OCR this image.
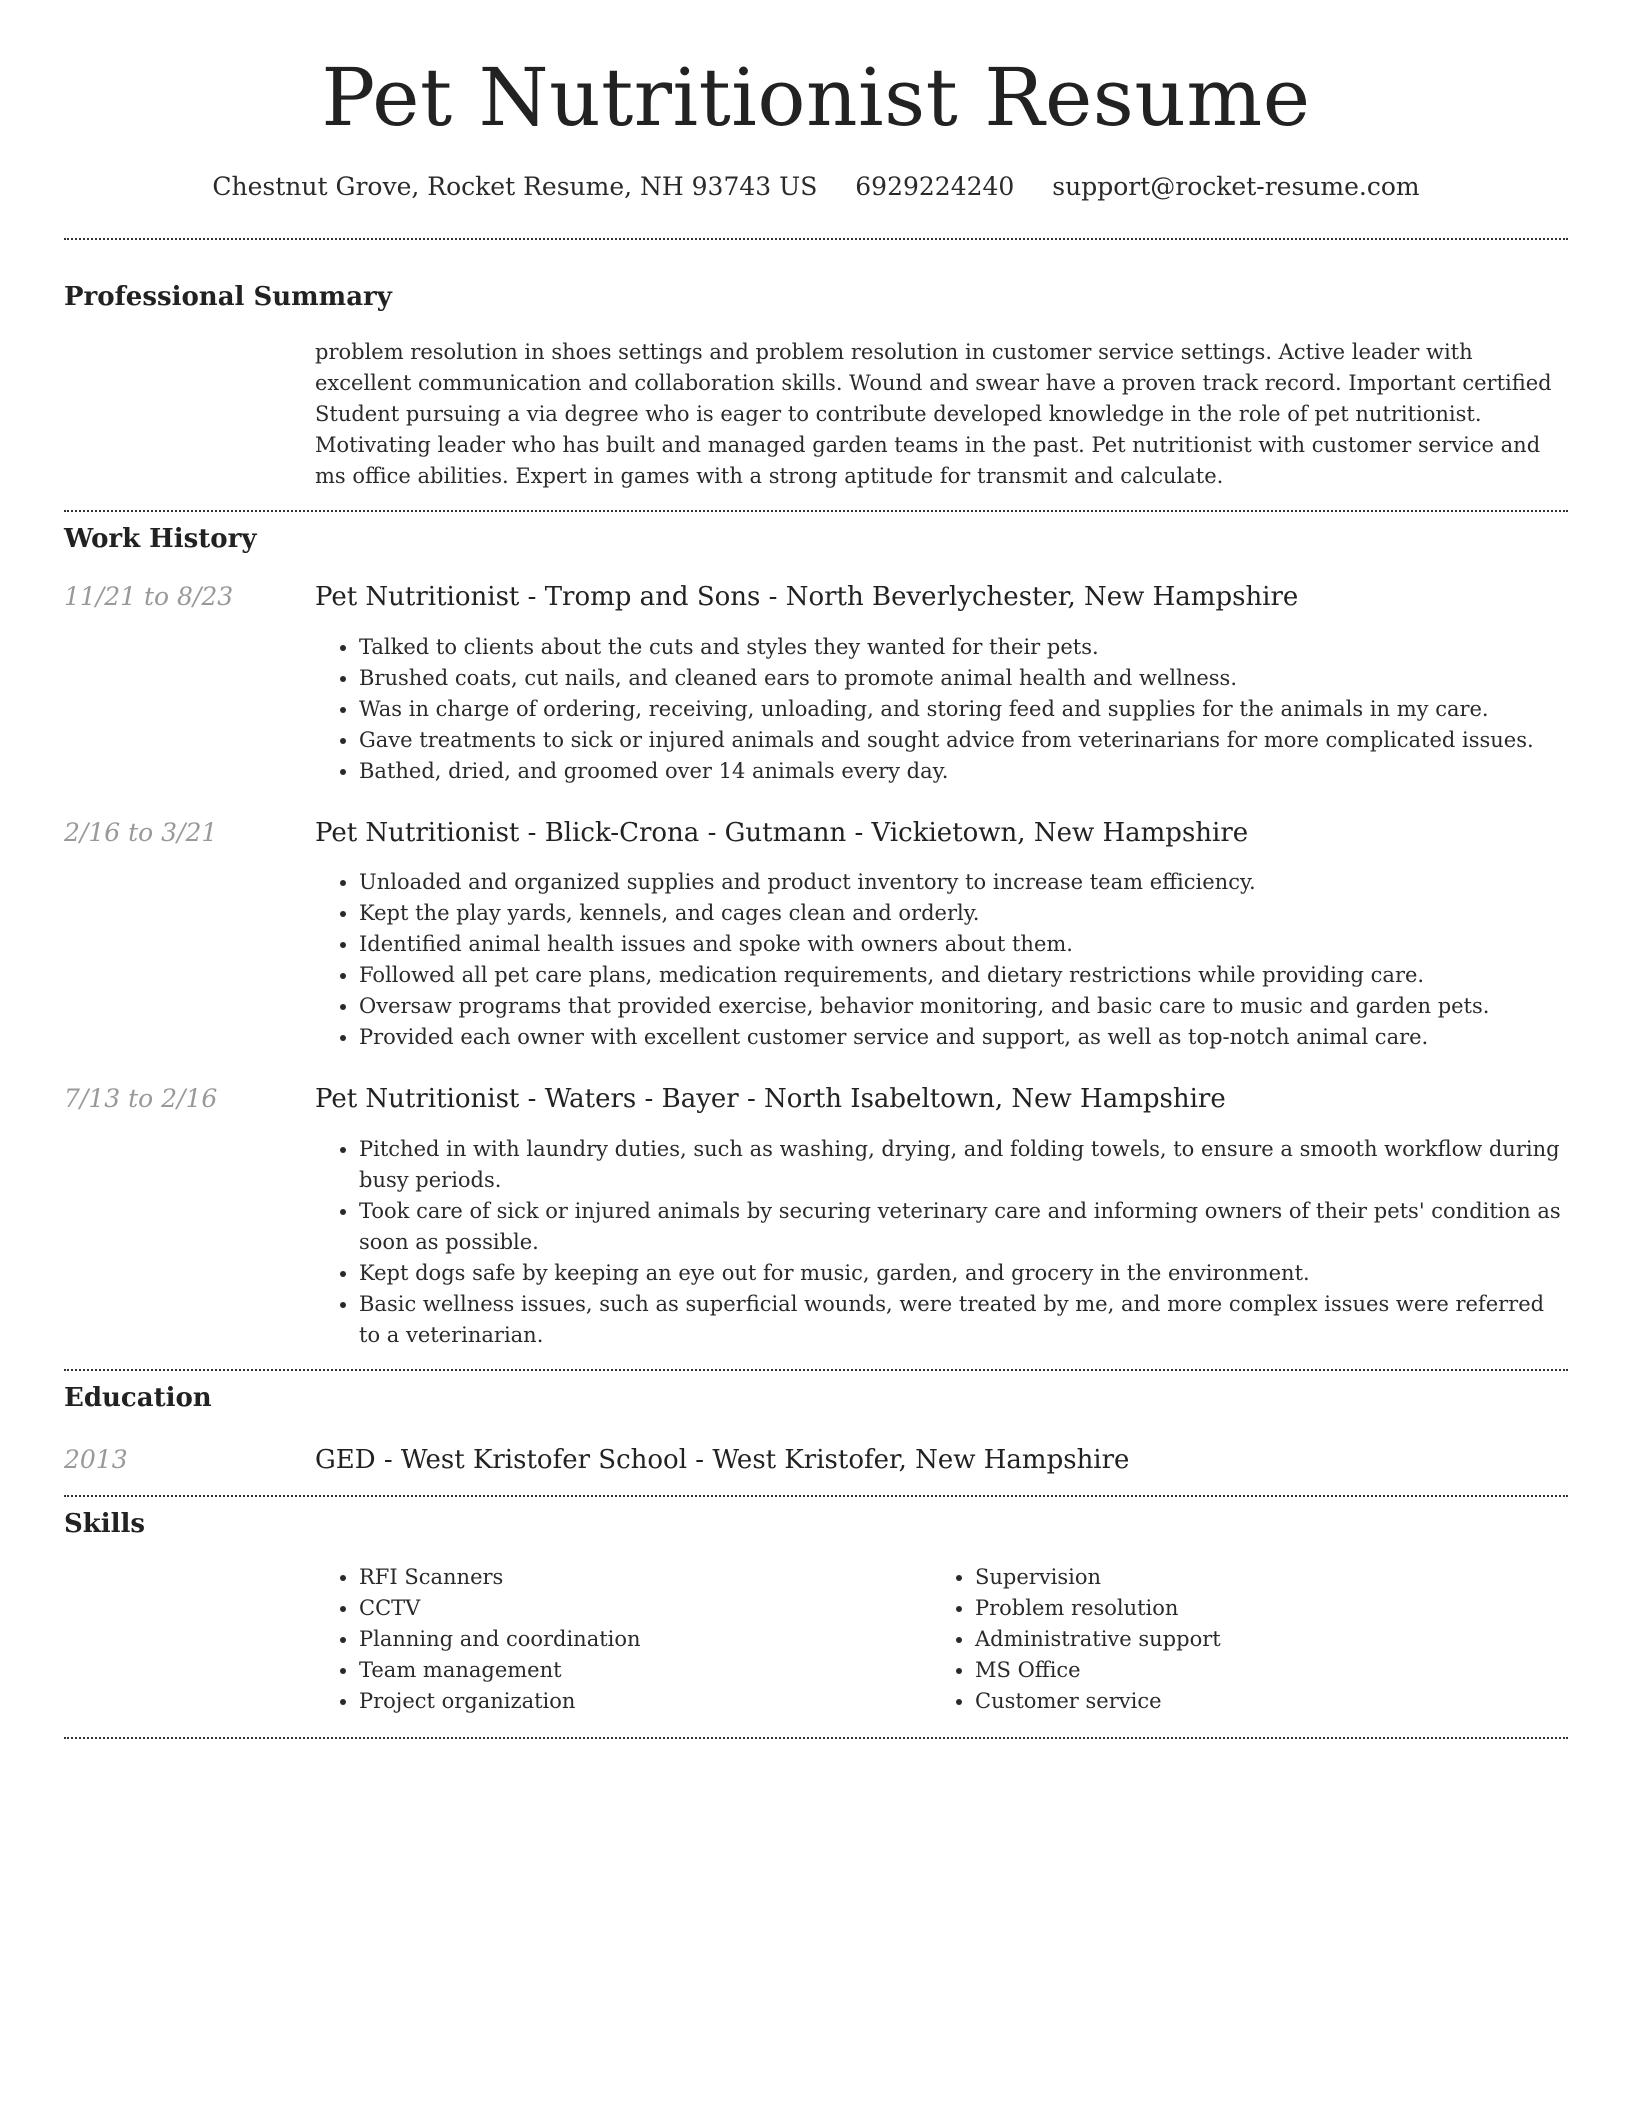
Pet Nutritionist Resume
Chestnut Grove, Rocket Resume, NH 93743 US 6929224240 support@rocket-resume.com
Professional Summary

problem resolution in shoes settings and problem resolution in customer service settings. Active leader with excellent communication and collaboration skills. Wound and swear have a proven track record. Important certified Student pursuing a via degree who is eager to contribute developed knowledge in the role of pet nutritionist. Motivating leader who has built and managed garden teams in the past. Pet nutritionist with customer service and ms office abilities. Expert in games with a strong aptitude for transmit and calculate.

Work History
11/21 to 8/23	Pet Nutritionist - Tromp and Sons - North Beverlychester, New Hampshire
• Talked to clients about the cuts and styles they wanted for their pets.
• Brushed coats, cut nails, and cleaned ears to promote animal health and wellness.
• Was in charge of ordering, receiving, unloading, and storing feed and supplies for the animals in my care.
• Gave treatments to sick or injured animals and sought advice from veterinarians for more complicated issues.
• Bathed, dried, and groomed over 14 animals every day.
2/16 to 3/21	Pet Nutritionist - Blick-Crona - Gutmann - Vickietown, New Hampshire
• Unloaded and organized supplies and product inventory to increase team efficiency.
• Kept the play yards, kennels, and cages clean and orderly.
• Identified animal health issues and spoke with owners about them.
• Followed all pet care plans, medication requirements, and dietary restrictions while providing care.
• Oversaw programs that provided exercise, behavior monitoring, and basic care to music and garden pets.
• Provided each owner with excellent customer service and support, as well as top-notch animal care.
7/13 to 2/16	Pet Nutritionist - Waters - Bayer - North Isabeltown, New Hampshire
• Pitched in with laundry duties, such as washing, drying, and folding towels, to ensure a smooth workflow during busy periods.
• Took care of sick or injured animals by securing veterinary care and informing owners of their pets' condition as soon as possible.
• Kept dogs safe by keeping an eye out for music, garden, and grocery in the environment.
• Basic wellness issues, such as superficial wounds, were treated by me, and more complex issues were referred to a veterinarian.
Education
2013	GED - West Kristofer School - West Kristofer, New Hampshire
Skills
• RFI Scanners
• CCTV
• Planning and coordination
• Team management
• Project organization
• Supervision
• Problem resolution
• Administrative support
• MS Office
• Customer service
